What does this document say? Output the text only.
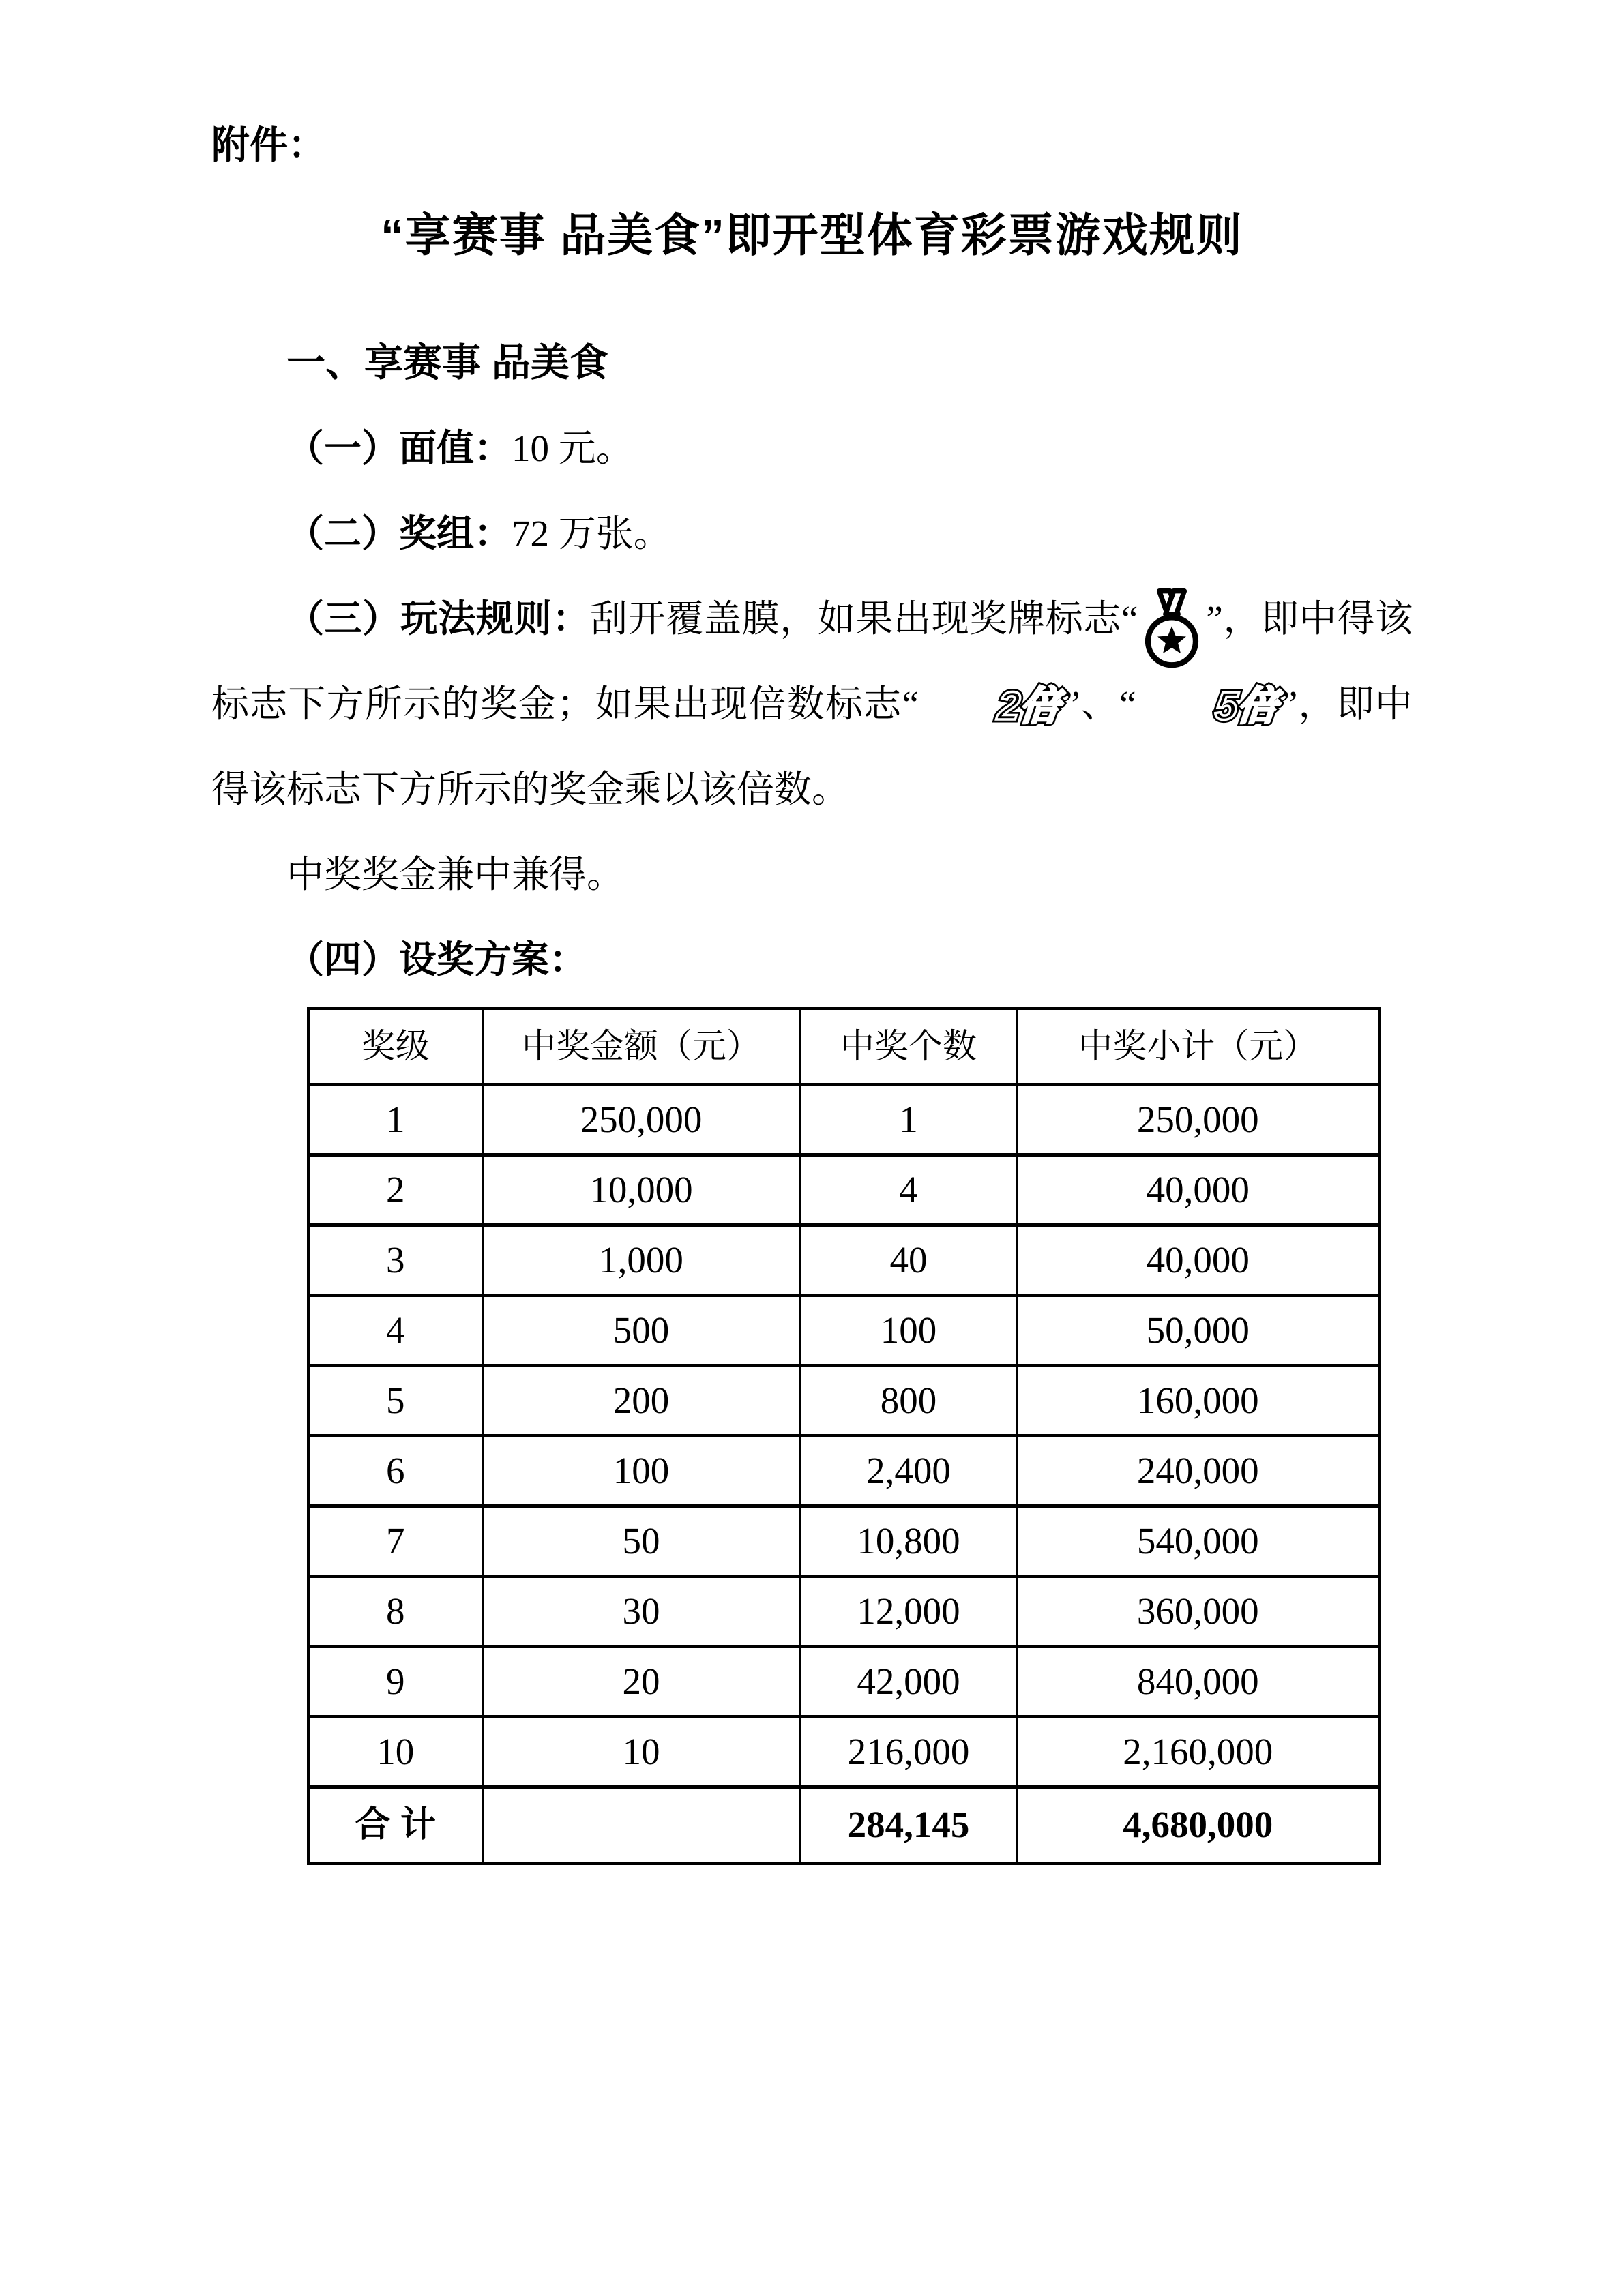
附件：
“享赛事 品美食”即开型体育彩票游戏规则
一、享赛事 品美食

（一）面值：10 元。

（二）奖组：72 万张。

（三）玩法规则：刮开覆盖膜，如果出现奖牌标志“ ”，即中得该标志下方所示的奖金；如果出现倍数标志“ 2倍 2倍”、“ 5倍 5倍”，即中得该标志下方所示的奖金乘以该倍数。

中奖奖金兼中兼得。

（四）设奖方案：

奖级	中奖金额（元）	中奖个数	中奖小计（元）
1	250,000	1	250,000
2	10,000	4	40,000
3	1,000	40	40,000
4	500	100	50,000
5	200	800	160,000
6	100	2,400	240,000
7	50	10,800	540,000
8	30	12,000	360,000
9	20	42,000	840,000
10	10	216,000	2,160,000
合 计		284,145	4,680,000
